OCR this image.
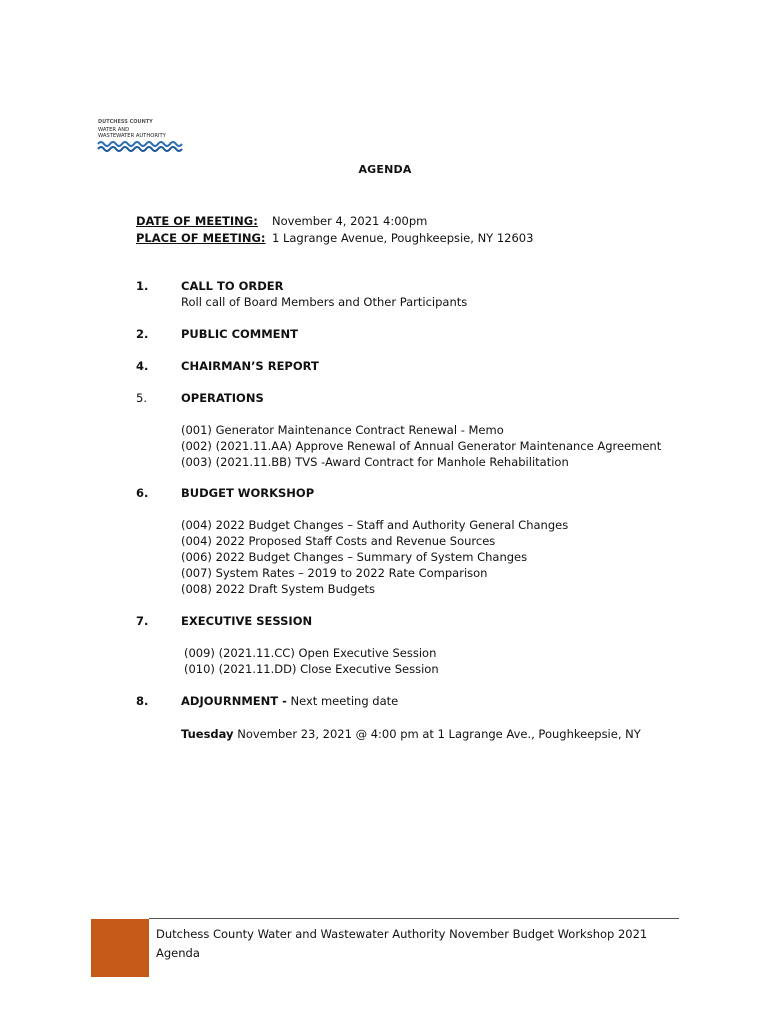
DUTCHESS COUNTY
WATER AND
WASTEWATER AUTHORITY
AGENDA
DATE OF MEETING: November 4, 2021 4:00pm
PLACE OF MEETING: 1 Lagrange Avenue, Poughkeepsie, NY 12603
1.	CALL TO ORDER
Roll call of Board Members and Other Participants
2.	PUBLIC COMMENT
4.	CHAIRMAN’S REPORT
5.	OPERATIONS
(001) Generator Maintenance Contract Renewal - Memo
(002) (2021.11.AA) Approve Renewal of Annual Generator Maintenance Agreement
(003) (2021.11.BB) TVS -Award Contract for Manhole Rehabilitation
6.	BUDGET WORKSHOP
(004) 2022 Budget Changes – Staff and Authority General Changes
(004) 2022 Proposed Staff Costs and Revenue Sources
(006) 2022 Budget Changes – Summary of System Changes
(007) System Rates – 2019 to 2022 Rate Comparison
(008) 2022 Draft System Budgets
7.	EXECUTIVE SESSION
(009) (2021.11.CC) Open Executive Session
(010) (2021.11.DD) Close Executive Session
8.	ADJOURNMENT - Next meeting date
Tuesday November 23, 2021 @ 4:00 pm at 1 Lagrange Ave., Poughkeepsie, NY
Dutchess County Water and Wastewater Authority November Budget Workshop 2021 Agenda
